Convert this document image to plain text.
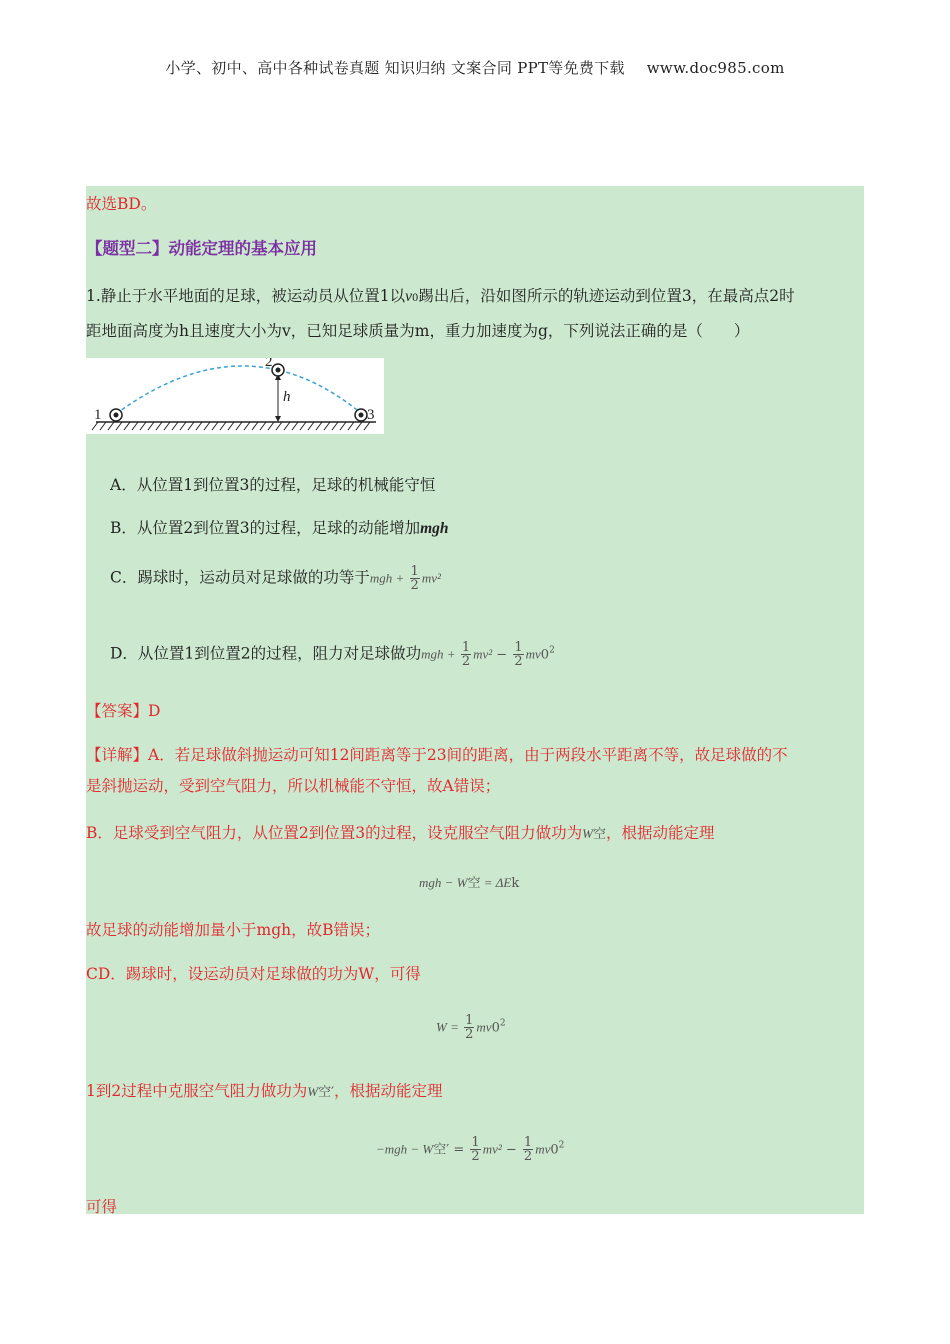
小学、初中、高中各种试卷真题 知识归纳 文案合同 PPT等免费下载 www.doc985.com
故选BD。
【题型二】动能定理的基本应用
1.静止于水平地面的足球，被运动员从位置1以v0踢出后，沿如图所示的轨迹运动到位置3，在最高点2时
距地面高度为h且速度大小为v，已知足球质量为m，重力加速度为g，下列说法正确的是（　　）
1
2
3
h
A．从位置1到位置3的过程，足球的机械能守恒
B．从位置2到位置3的过程，足球的动能增加mgh
C．踢球时，运动员对足球做的功等于mgh + $\frac{1}{2} mv^2$
D．从位置1到位置2的过程，阻力对足球做功mgh + $\frac{1}{2} mv^2 - \frac{1}{2} mv0^2$
【答案】D
【详解】A．若足球做斜抛运动可知12间距离等于23间的距离，由于两段水平距离不等，故足球做的不
是斜抛运动，受到空气阻力，所以机械能不守恒，故A错误；
B．足球受到空气阻力，从位置2到位置3的过程，设克服空气阻力做功为W空，根据动能定理
mgh − W空 = ΔEk
故足球的动能增加量小于mgh，故B错误；
CD．踢球时，设运动员对足球做的功为W，可得
$W = \frac{1}{2} mv0^2$
1到2过程中克服空气阻力做功为W空′，根据动能定理
−mgh − W空′ = $\frac{1}{2} mv^2 - \frac{1}{2} mv0^2$
可得
